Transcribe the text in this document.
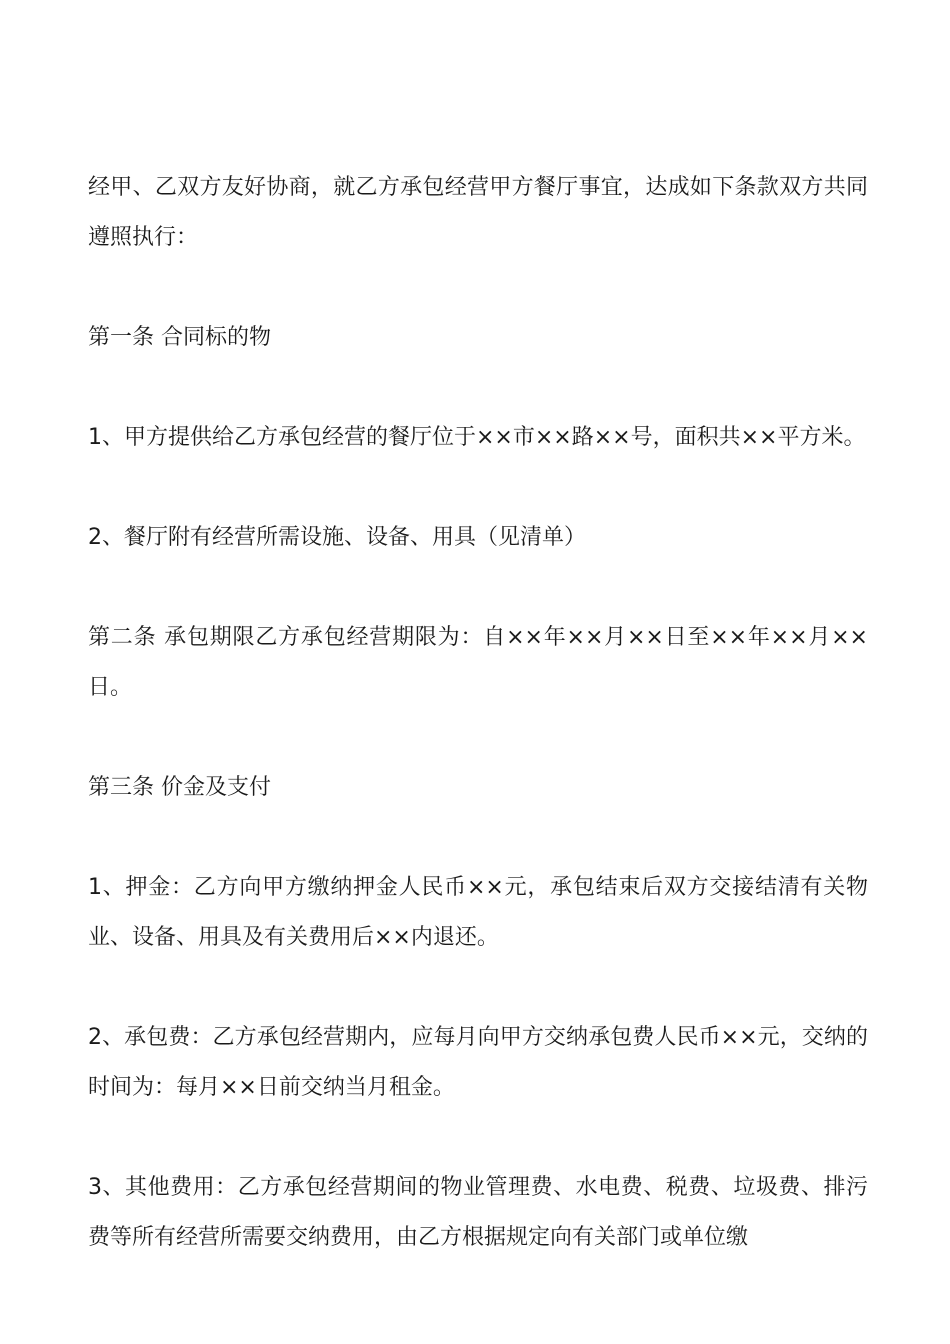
经甲、乙双方友好协商，就乙方承包经营甲方餐厅事宜，达成如下条款双方共同遵照执行：

第一条 合同标的物

1、甲方提供给乙方承包经营的餐厅位于××市××路××号，面积共××平方米。

2、餐厅附有经营所需设施、设备、用具（见清单）

第二条 承包期限乙方承包经营期限为：自××年××月××日至××年××月××日。

第三条 价金及支付

1、押金：乙方向甲方缴纳押金人民币××元，承包结束后双方交接结清有关物业、设备、用具及有关费用后××内退还。

2、承包费：乙方承包经营期内，应每月向甲方交纳承包费人民币××元，交纳的时间为：每月××日前交纳当月租金。

3、其他费用：乙方承包经营期间的物业管理费、水电费、税费、垃圾费、排污费等所有经营所需要交纳费用，由乙方根据规定向有关部门或单位缴
